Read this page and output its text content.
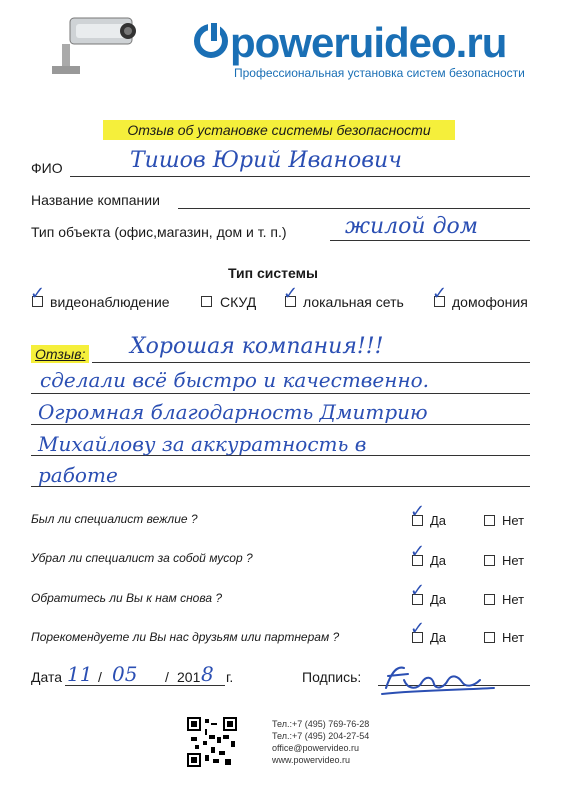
poweruideo.ru
Профессиональная установка систем безопасности
Отзыв об установке системы безопасности
ФИО	Тишов Юрий Иванович
Название компании
Тип объекта (офис,магазин, дом и т. п.)	жилой дом
Тип системы
✓ видеонаблюдение	СКУД ✓ локальная сеть ✓ домофония
Отзыв: Хорошая компания!!!
сделали всё быстро и качественно.
Огромная благодарность Дмитрию
Михайлову за аккуратность в
работе
Был ли специалист вежлие ?	✓ Да	Нет
Убрал ли специалист за собой мусор ?	✓ Да	Нет
Обратитесь ли Вы к нам снова ?	✓ Да	Нет
Порекомендуете ли Вы нас друзьям или партнерам ?	✓ Да	Нет
Дата 11 / 05 / 201 8 г.	Подпись:
Тел.:+7 (495) 769-76-28
Тел.:+7 (495) 204-27-54
office@powervideo.ru
www.powervideo.ru
